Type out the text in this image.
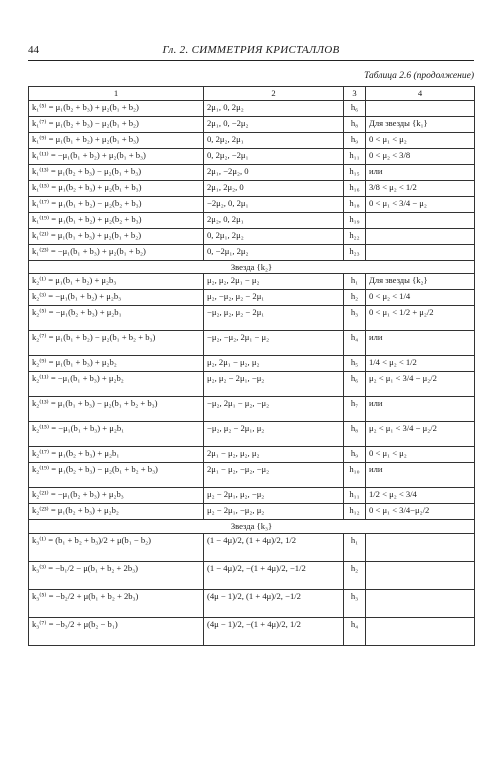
44	Гл. 2. СИММЕТРИЯ КРИСТАЛЛОВ
Таблица 2.6 (продолжение)
1	2	3	4
k₁⁽⁵⁾ = μ₁(b₂ + b₃) + μ₂(b₁ + b₂)	2μ₁, 0, 2μ₂	h₆	
k₁⁽⁷⁾ = μ₁(b₂ + b₃) − μ₂(b₁ + b₂)	2μ₁, 0, −2μ₂	h₈	Для звезды {k₁}
k₁⁽⁹⁾ = μ₁(b₁ + b₂) + μ₂(b₁ + b₃)	0, 2μ₂, 2μ₁	h₉	0 < μ₁ < μ₂
k₁⁽¹¹⁾ = −μ₁(b₁ + b₂) + μ₂(b₁ + b₃)	0, 2μ₂, −2μ₁	h₁₁	0 < μ₂ < 3/8
k₁⁽¹³⁾ = μ₁(b₂ + b₃) − μ₂(b₁ + b₃)	2μ₁, −2μ₂, 0	h₁₅	или
k₁⁽¹⁵⁾ = μ₁(b₂ + b₃) + μ₂(b₁ + b₃)	2μ₁, 2μ₂, 0	h₁₆	3/8 < μ₂ < 1/2
k₁⁽¹⁷⁾ = μ₁(b₁ + b₂) − μ₂(b₂ + b₃)	−2μ₂, 0, 2μ₁	h₁₈	0 < μ₁ < 3/4 − μ₂
k₁⁽¹⁹⁾ = μ₁(b₁ + b₂) + μ₂(b₂ + b₃)	2μ₂, 0, 2μ₁	h₁₉	
k₁⁽²¹⁾ = μ₁(b₁ + b₃) + μ₂(b₁ + b₂)	0, 2μ₁, 2μ₂	h₂₂	
k₁⁽²³⁾ = −μ₁(b₁ + b₃) + μ₂(b₁ + b₂)	0, −2μ₁, 2μ₂	h₂₃	
Звезда {k₂}			
k₂⁽¹⁾ = μ₁(b₁ + b₂) + μ₂b₃	μ₂, μ₂, 2μ₁ − μ₂	h₁	Для звезды {k₂}
k₂⁽³⁾ = −μ₁(b₁ + b₂) + μ₂b₃	μ₂, −μ₂, μ₂ − 2μ₁	h₂	0 < μ₂ < 1/4
k₂⁽⁵⁾ = −μ₁(b₂ + b₃) + μ₂b₁	−μ₂, μ₂, μ₂ − 2μ₁	h₃	0 < μ₁ < 1/2 + μ₂/2
k₂⁽⁷⁾ = μ₁(b₁ + b₂) − μ₂(b₁ + b₂ + b₃)	−μ₂, −μ₂, 2μ₁ − μ₂	h₄	или
k₂⁽⁹⁾ = μ₁(b₁ + b₃) + μ₂b₂	μ₂, 2μ₁ − μ₂, μ₂	h₅	1/4 < μ₂ < 1/2
k₂⁽¹¹⁾ = −μ₁(b₁ + b₃) + μ₂b₂	μ₂, μ₂ − 2μ₁, −μ₂	h₆	μ₂ < μ₁ < 3/4 − μ₂/2
k₂⁽¹³⁾ = μ₁(b₁ + b₃) − μ₂(b₁ + b₂ + b₃)	−μ₂, 2μ₁ − μ₂, −μ₂	h₇	или
k₂⁽¹⁵⁾ = −μ₁(b₁ + b₃) + μ₂b₁	−μ₂, μ₂ − 2μ₁, μ₂	h₈	μ₂ < μ₁ < 3/4 − μ₂/2
k₂⁽¹⁷⁾ = μ₁(b₂ + b₃) + μ₂b₁	2μ₁ − μ₂, μ₂, μ₂	h₉	0 < μ₁ < μ₂
k₂⁽¹⁹⁾ = μ₁(b₂ + b₃) − μ₂(b₁ + b₂ + b₃)	2μ₁ − μ₂, −μ₂, −μ₂	h₁₀	или
k₂⁽²¹⁾ = −μ₁(b₂ + b₃) + μ₂b₃	μ₂ − 2μ₁, μ₂, −μ₂	h₁₁	1/2 < μ₂ < 3/4
k₂⁽²³⁾ = μ₁(b₂ + b₃) + μ₂b₂	μ₂ − 2μ₁, −μ₂, μ₂	h₁₂	0 < μ₁ < 3/4−μ₂/2
Звезда {k₃}			
k₃⁽¹⁾ = (b₁ + b₂ + b₃)/2 + μ(b₁ − b₂)	(1 − 4μ)/2, (1 + 4μ)/2, 1/2	h₁	
k₃⁽³⁾ = −b₁/2 − μ(b₁ + b₂ + 2b₃)	(1 − 4μ)/2, −(1 + 4μ)/2, −1/2	h₂	
k₃⁽⁵⁾ = −b₂/2 + μ(b₁ + b₂ + 2b₃)	(4μ − 1)/2, (1 + 4μ)/2, −1/2	h₃	
k₃⁽⁷⁾ = −b₃/2 + μ(b₂ − b₁)	(4μ − 1)/2, −(1 + 4μ)/2, 1/2	h₄	
